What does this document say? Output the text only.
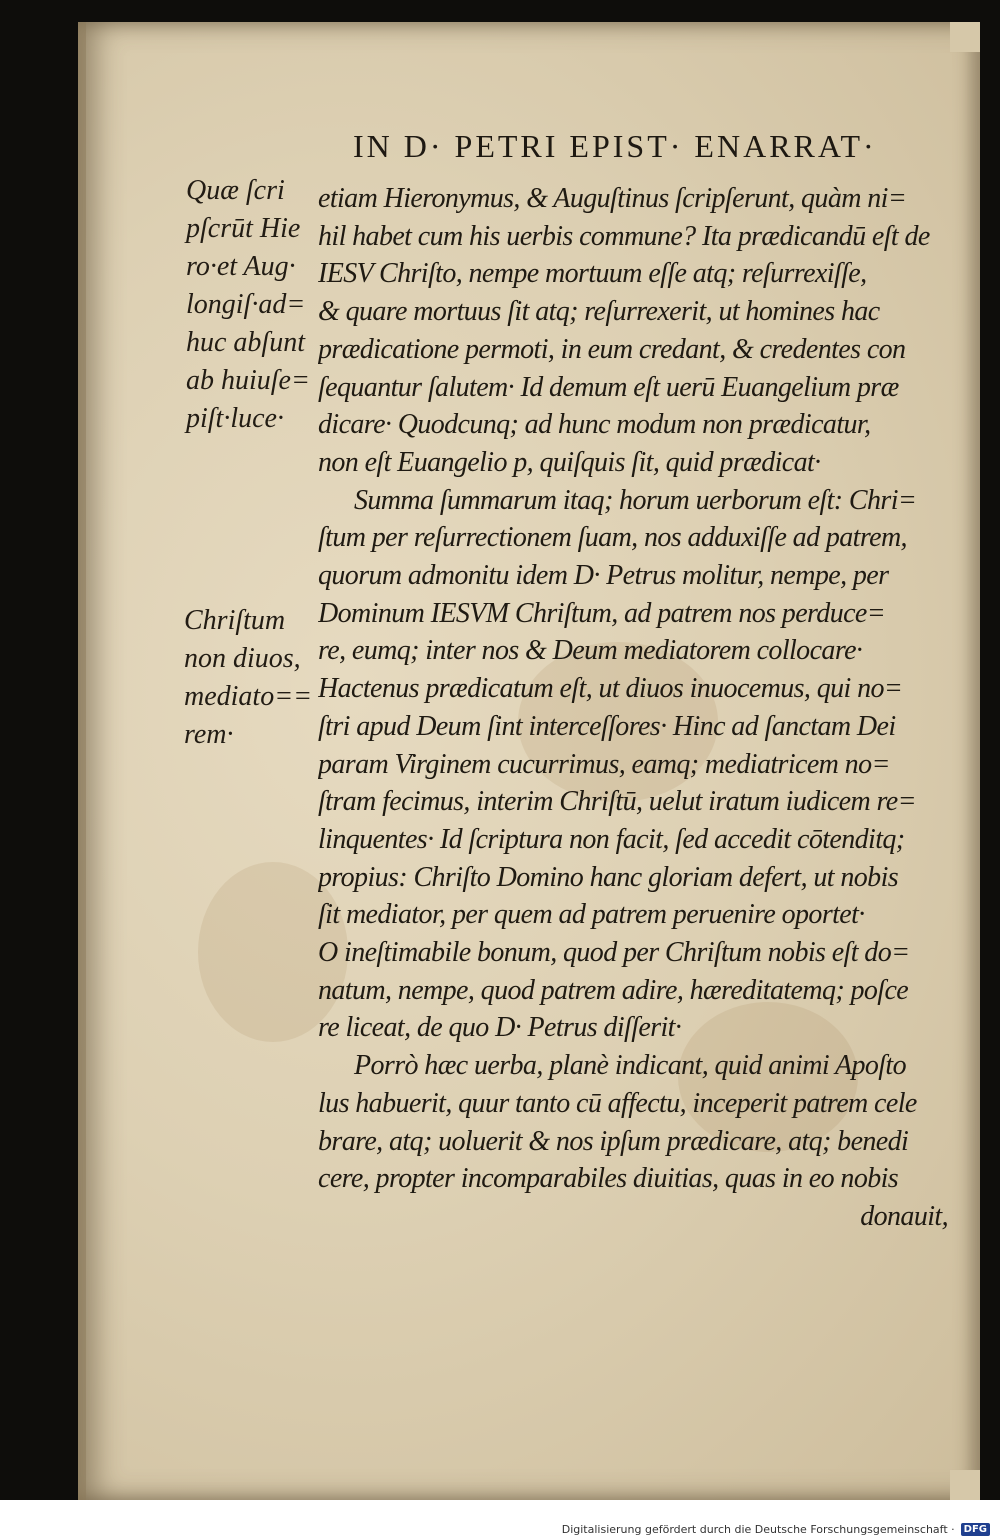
IN D· PETRI EPIST· ENARRAT·
Quæ ſcri
pſcrūt Hie
ro·et Aug·
longiſ·ad=
huc abſunt
ab huiuſe=
piſt·luce·
Chriſtum
non diuos,
mediato==
rem·
etiam Hieronymus, & Auguſtinus ſcripſerunt, quàm ni=
hil habet cum his uerbis commune? Ita prædicandū eſt de
IESV Chriſto, nempe mortuum eſſe atq; reſurrexiſſe,
& quare mortuus ſit atq; reſurrexerit, ut homines hac
prædicatione permoti, in eum credant, & credentes con
ſequantur ſalutem· Id demum eſt uerū Euangelium præ
dicare· Quodcunq; ad hunc modum non prædicatur,
non eſt Euangelio p, quiſquis ſit, quid prædicat·
Summa ſummarum itaq; horum uerborum eſt: Chri=
ſtum per reſurrectionem ſuam, nos adduxiſſe ad patrem,
quorum admonitu idem D· Petrus molitur, nempe, per
Dominum IESVM Chriſtum, ad patrem nos perduce=
re, eumq; inter nos & Deum mediatorem collocare·
Hactenus prædicatum eſt, ut diuos inuocemus, qui no=
ſtri apud Deum ſint interceſſores· Hinc ad ſanctam Dei
param Virginem cucurrimus, eamq; mediatricem no=
ſtram fecimus, interim Chriſtū, uelut iratum iudicem re=
linquentes· Id ſcriptura non facit, ſed accedit cōtenditq;
propius: Chriſto Domino hanc gloriam defert, ut nobis
ſit mediator, per quem ad patrem peruenire oportet·
O ineſtimabile bonum, quod per Chriſtum nobis eſt do=
natum, nempe, quod patrem adire, hæreditatemq; poſce
re liceat, de quo D· Petrus diſſerit·
Porrò hæc uerba, planè indicant, quid animi Apoſto
lus habuerit, quur tanto cū affectu, inceperit patrem cele
brare, atq; uoluerit & nos ipſum prædicare, atq; benedi
cere, propter incomparabiles diuitias, quas in eo nobis
donauit,
Digitalisierung gefördert durch die Deutsche Forschungsgemeinschaft · DFG
